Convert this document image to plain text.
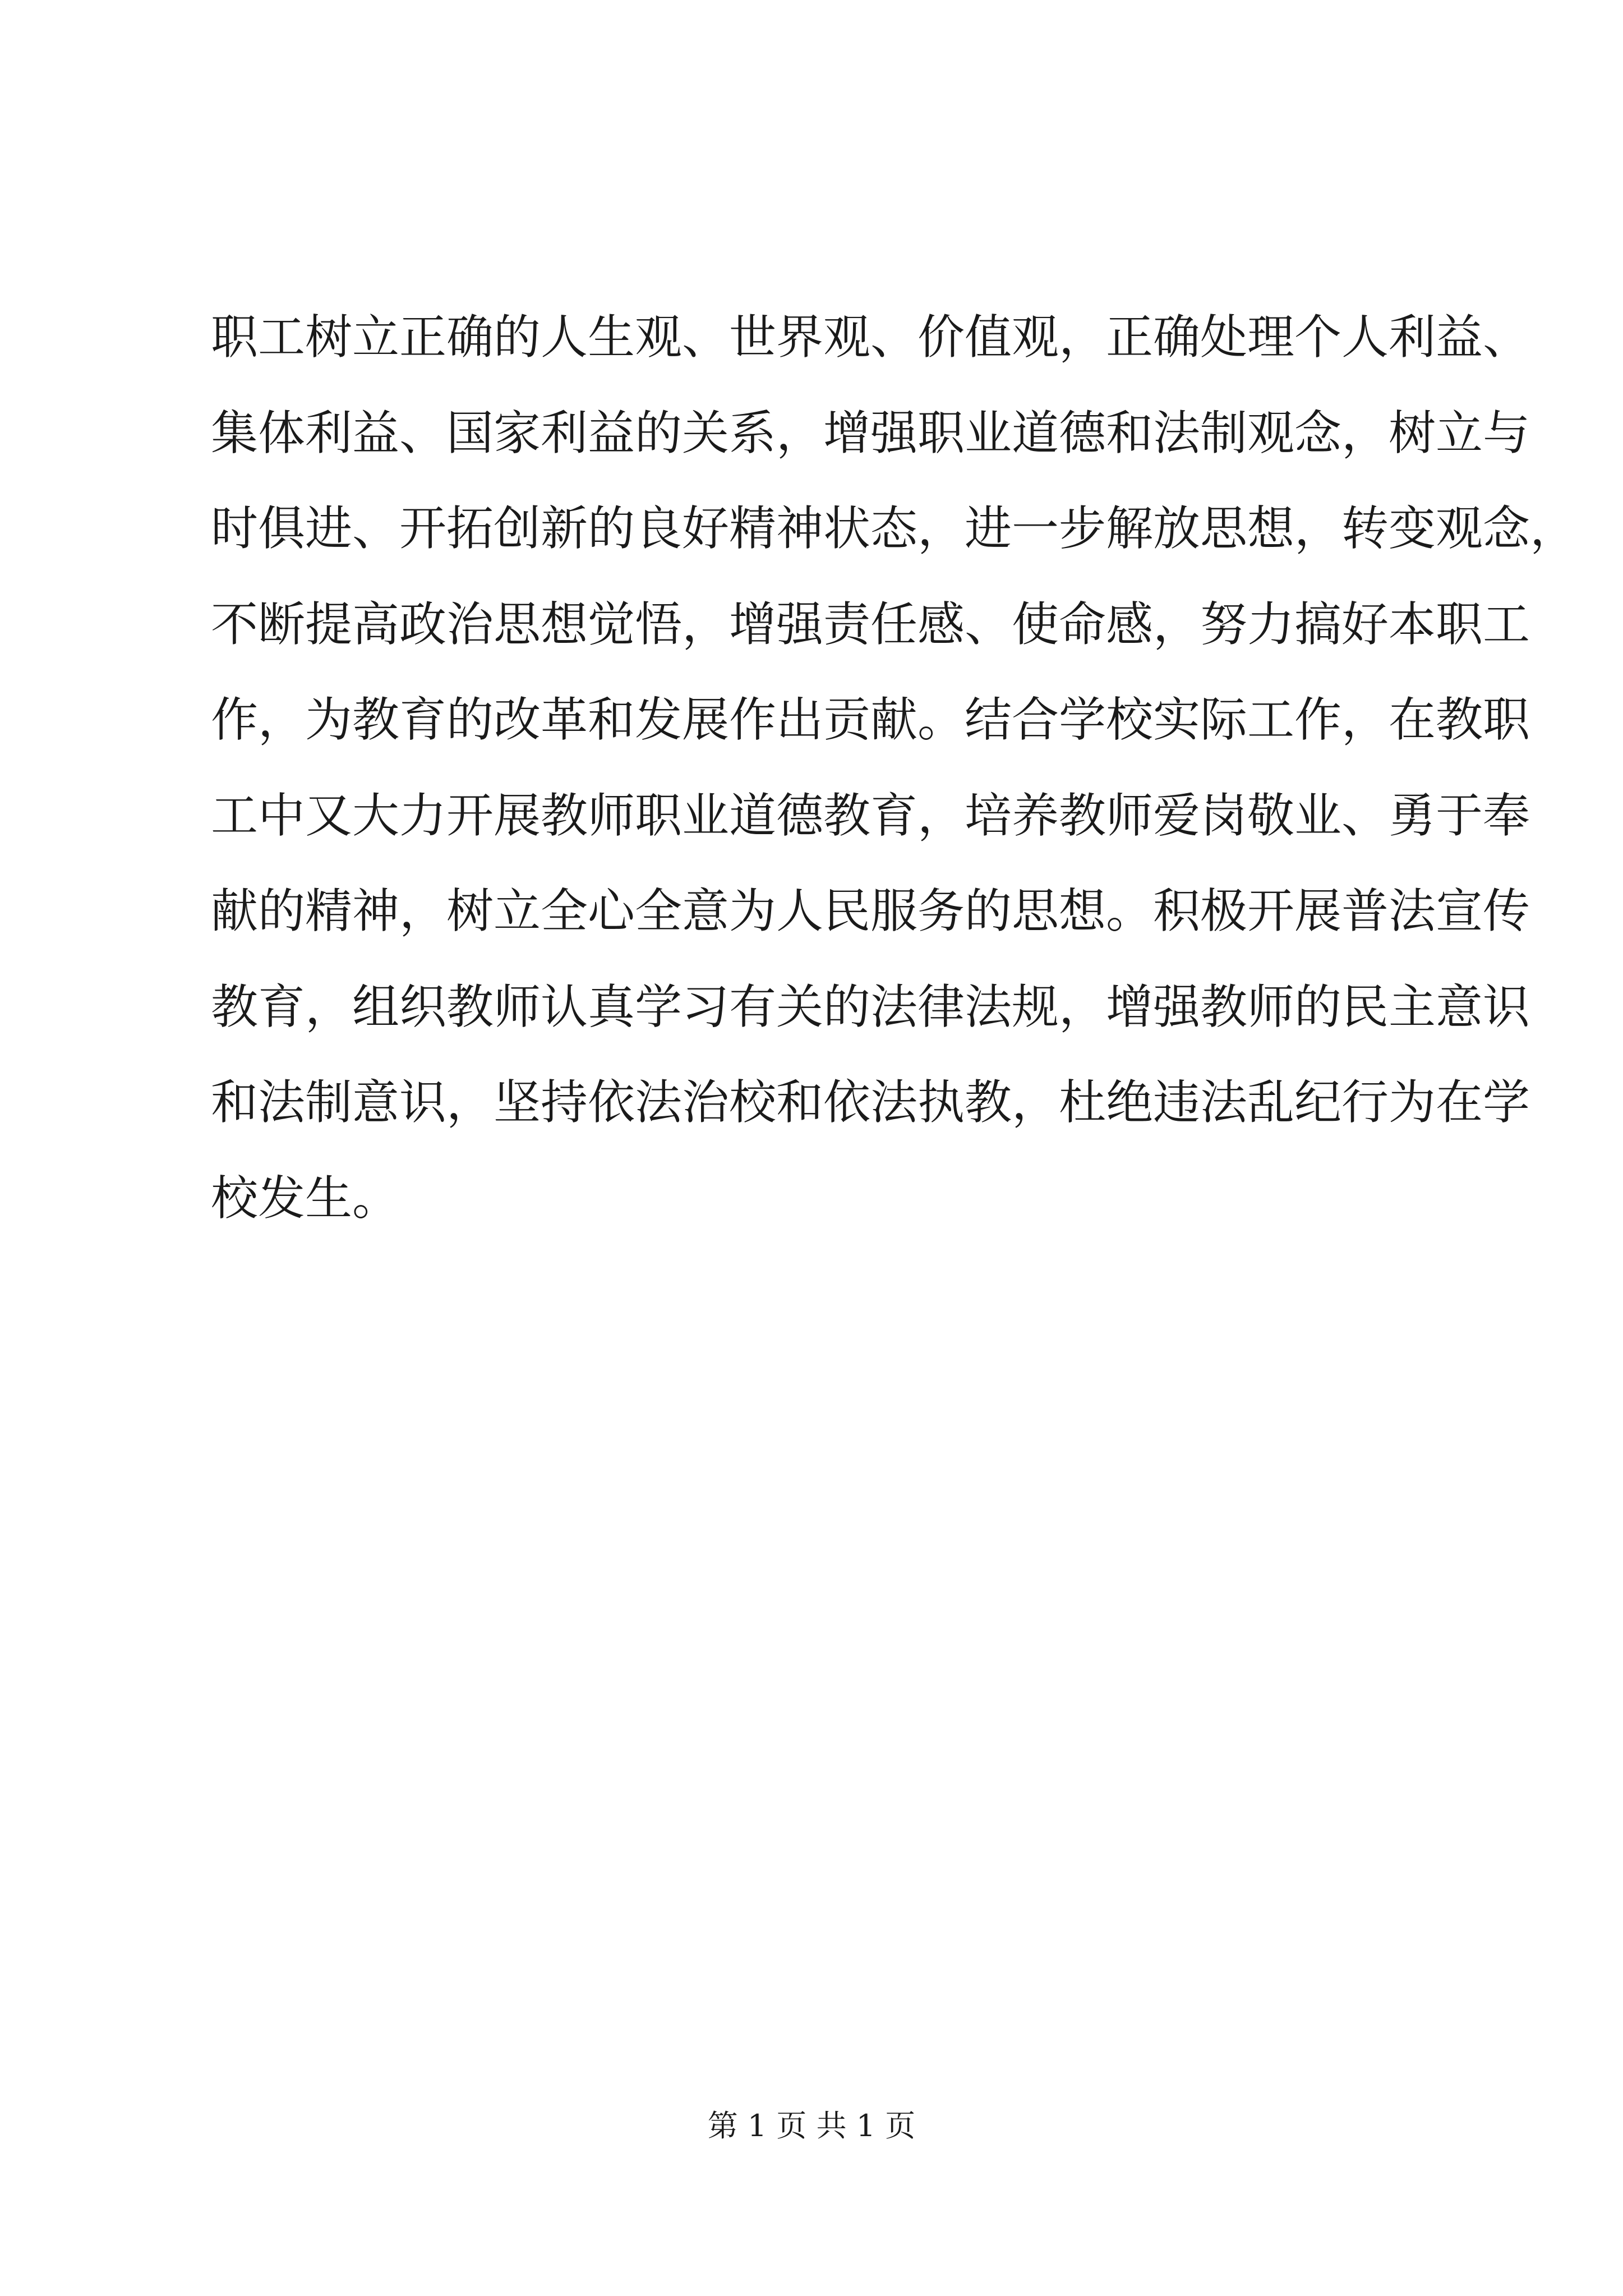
职工树立正确的人生观、世界观、价值观，正确处理个人利益、
集体利益、国家利益的关系，增强职业道德和法制观念，树立与
时俱进、开拓创新的良好精神状态，进一步解放思想，转变观念，
不断提高政治思想觉悟，增强责任感、使命感，努力搞好本职工
作，为教育的改革和发展作出贡献。结合学校实际工作，在教职
工中又大力开展教师职业道德教育，培养教师爱岗敬业、勇于奉
献的精神，树立全心全意为人民服务的思想。积极开展普法宣传
教育，组织教师认真学习有关的法律法规，增强教师的民主意识
和法制意识，坚持依法治校和依法执教，杜绝违法乱纪行为在学
校发生。
第 1 页 共 1 页
